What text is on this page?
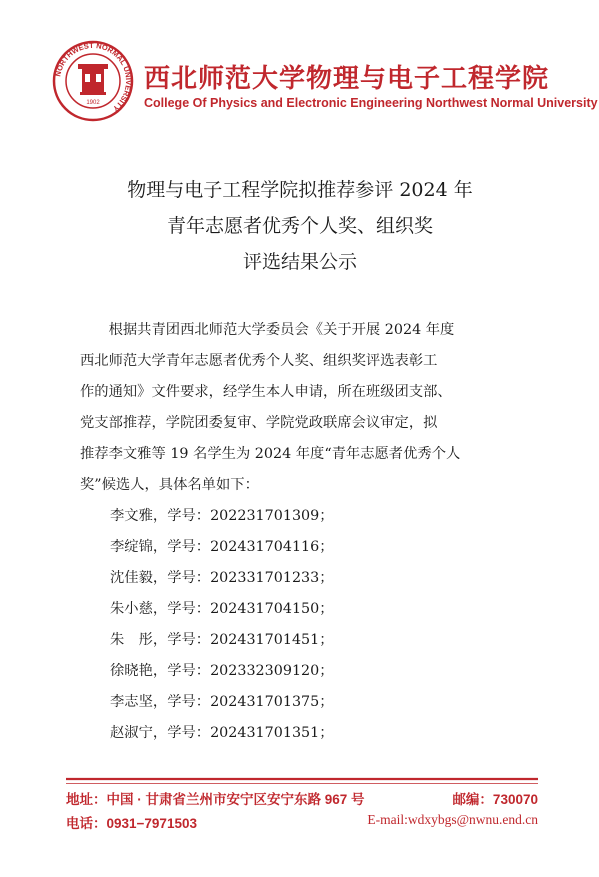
NORTHWEST NORMAL UNIVERSITY
1902
西北师范大学物理与电子工程学院
College Of Physics and Electronic Engineering Northwest Normal University
物理与电子工程学院拟推荐参评 2024 年
青年志愿者优秀个人奖、组织奖
评选结果公示
根据共青团西北师范大学委员会《关于开展 2024 年度
西北师范大学青年志愿者优秀个人奖、组织奖评选表彰工
作的通知》文件要求，经学生本人申请，所在班级团支部、
党支部推荐，学院团委复审、学院党政联席会议审定，拟
推荐李文雅等 19 名学生为 2024 年度“青年志愿者优秀个人
奖”候选人，具体名单如下：
李文雅，学号：202231701309；
李绽锦，学号：202431704116；
沈佳毅，学号：202331701233；
朱小慈，学号：202431704150；
朱　彤，学号：202431701451；
徐晓艳，学号：202332309120；
李志坚，学号：202431701375；
赵淑宁，学号：202431701351；
地址：中国 · 甘肃省兰州市安宁区安宁东路 967 号	邮编：730070
电话：0931−7971503	E-mail:wdxybgs@nwnu.end.cn
